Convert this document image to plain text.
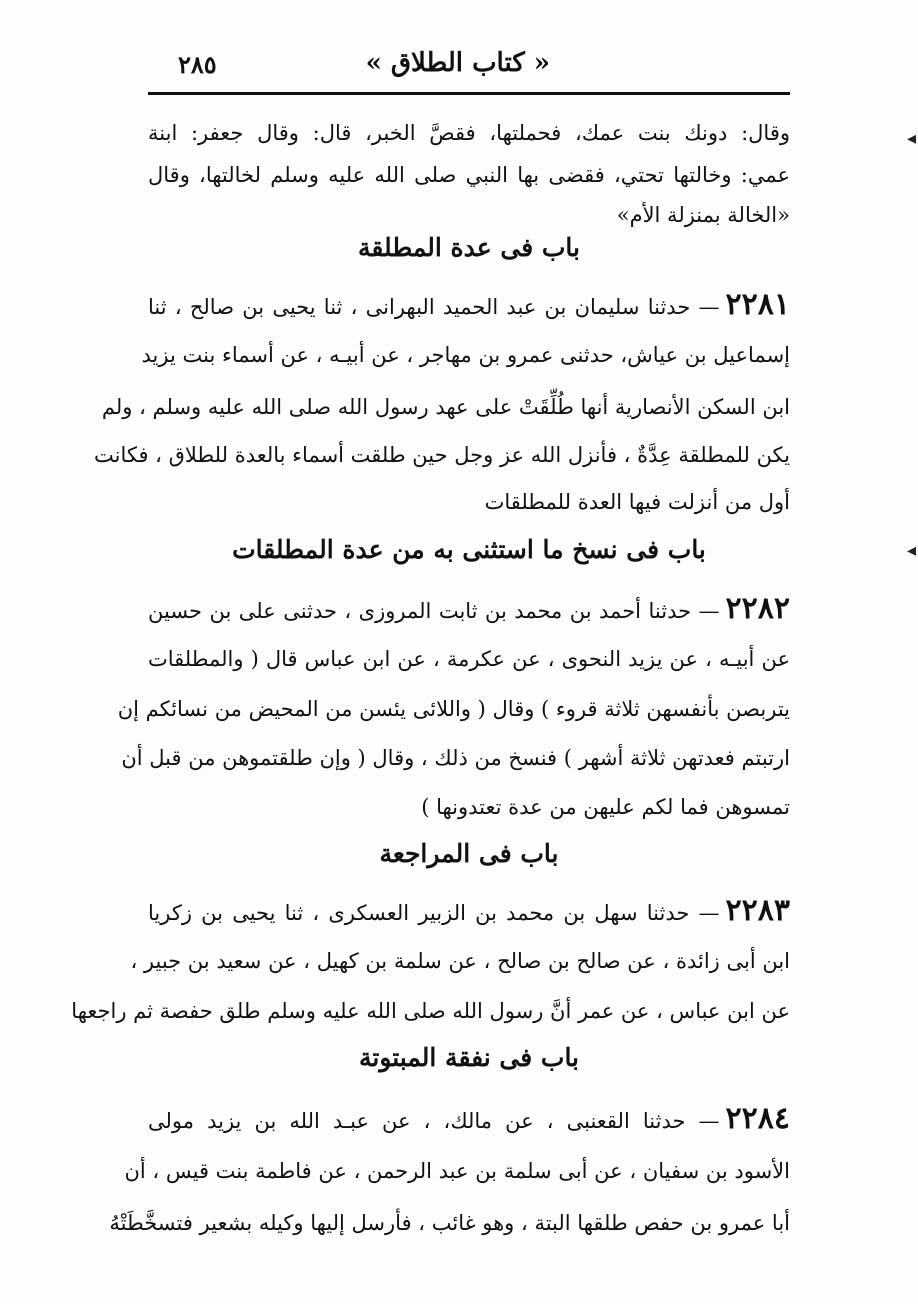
« كتاب الطلاق »
٢٨٥
◂
◂
وقال: دونك بنت عمك، فحملتها، فقصَّ الخبر، قال: وقال جعفر: ابنة
عمي: وخالتها تحتي، فقضى بها النبي صلى الله عليه وسلم لخالتها، وقال
«الخالة بمنزلة الأم»
باب فى عدة المطلقة
٢٢٨١— حدثنا سليمان بن عبد الحميد البهرانى ، ثنا يحيى بن صالح ، ثنا
إسماعيل بن عياش، حدثنى عمرو بن مهاجر ، عن أبيـه ، عن أسماء بنت يزيد
ابن السكن الأنصارية أنها طُلِّقَتْ على عهد رسول الله صلى الله عليه وسلم ، ولم
يكن للمطلقة عِدَّةٌ ، فأنزل الله عز وجل حين طلقت أسماء بالعدة للطلاق ، فكانت
أول من أنزلت فيها العدة للمطلقات
باب فى نسخ ما استثنى به من عدة المطلقات
٢٢٨٢— حدثنا أحمد بن محمد بن ثابت المروزى ، حدثنى على بن حسين
عن أبيـه ، عن يزيد النحوى ، عن عكرمة ، عن ابن عباس قال ( والمطلقات
يتربصن بأنفسهن ثلاثة قروء ) وقال ( واللائى يئسن من المحيض من نسائكم إن
ارتبتم فعدتهن ثلاثة أشهر ) فنسخ من ذلك ، وقال ( وإن طلقتموهن من قبل أن
تمسوهن فما لكم عليهن من عدة تعتدونها )
باب فى المراجعة
٢٢٨٣— حدثنا سهل بن محمد بن الزبير العسكرى ، ثنا يحيى بن زكريا
ابن أبى زائدة ، عن صالح بن صالح ، عن سلمة بن كهيل ، عن سعيد بن جبير ،
عن ابن عباس ، عن عمر أنَّ رسول الله صلى الله عليه وسلم طلق حفصة ثم راجعها
باب فى نفقة المبتوتة
٢٢٨٤— حدثنا القعنبى ، عن مالك، ، عن عبـد الله بن يزيد مولى
الأسود بن سفيان ، عن أبى سلمة بن عبد الرحمن ، عن فاطمة بنت قيس ، أن
أبا عمرو بن حفص طلقها البتة ، وهو غائب ، فأرسل إليها وكيله بشعير فتسخَّطَتْهُ
